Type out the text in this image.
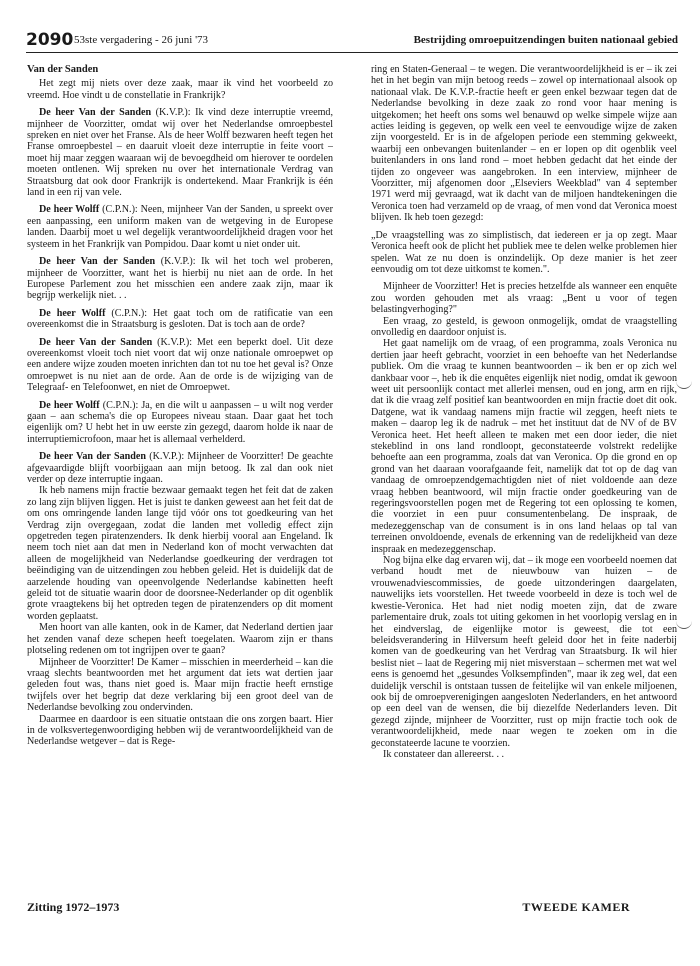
2090 53ste vergadering - 26 juni '73	Bestrijding omroepuitzendingen buiten nationaal gebied
Van der Sanden

Het zegt mij niets over deze zaak, maar ik vind het voorbeeld zo vreemd. Hoe vindt u de constellatie in Frankrijk?

De heer Van der Sanden (K.V.P.): Ik vind deze interruptie vreemd, mijnheer de Voorzitter, omdat wij over het Nederlandse omroepbestel spreken en niet over het Franse. Als de heer Wolff bezwaren heeft tegen het Franse omroepbestel – en daaruit vloeit deze interruptie in feite voort – moet hij maar zeggen waaraan wij de bevoegdheid om hierover te oordelen moeten ontlenen. Wij spreken nu over het internationale Verdrag van Straatsburg dat ook door Frankrijk is ondertekend. Maar Frankrijk is één land in een rij van vele.

De heer Wolff (C.P.N.): Neen, mijnheer Van der Sanden, u spreekt over een aanpassing, een uniform maken van de wetgeving in de Europese landen. Daarbij moet u wel degelijk verantwoordelijkheid dragen voor het systeem in het Frankrijk van Pompidou. Daar komt u niet onder uit.

De heer Van der Sanden (K.V.P.): Ik wil het toch wel proberen, mijnheer de Voorzitter, want het is hierbij nu niet aan de orde. In het Europese Parlement zou het misschien een andere zaak zijn, maar ik begrijp werkelijk niet. . .

De heer Wolff (C.P.N.): Het gaat toch om de ratificatie van een overeenkomst die in Straatsburg is gesloten. Dat is toch aan de orde?

De heer Van der Sanden (K.V.P.): Met een beperkt doel. Uit deze overeenkomst vloeit toch niet voort dat wij onze nationale omroepwet op een andere wijze zouden moeten inrichten dan tot nu toe het geval is? Onze omroepwet is nu niet aan de orde. Aan de orde is de wijziging van de Telegraaf- en Telefoonwet, en niet de Omroepwet.

De heer Wolff (C.P.N.): Ja, en die wilt u aanpassen – u wilt nog verder gaan – aan schema's die op Europees niveau staan. Daar gaat het toch eigenlijk om? U hebt het in uw eerste zin gezegd, daarom holde ik naar de interruptiemicrofoon, maar het is allemaal verhelderd.

De heer Van der Sanden (K.V.P.): Mijnheer de Voorzitter! De geachte afgevaardigde blijft voorbijgaan aan mijn betoog. Ik zal dan ook niet verder op deze interruptie ingaan.

Ik heb namens mijn fractie bezwaar gemaakt tegen het feit dat de zaken zo lang zijn blijven liggen. Het is juist te danken geweest aan het feit dat de om ons omringende landen lange tijd vóór ons tot goedkeuring van het Verdrag zijn overgegaan, zodat die landen met volledig effect zijn opgetreden tegen piratenzenders. Ik denk hierbij vooral aan Engeland. Ik neem toch niet aan dat men in Nederland kon of mocht verwachten dat alleen de mogelijkheid van Nederlandse goedkeuring der verdragen tot beëindiging van de uitzendingen zou hebben geleid. Het is duidelijk dat de aarzelende houding van opeenvolgende Nederlandse kabinetten heeft geleid tot de situatie waarin door de doorsnee-Nederlander op dit ogenblik grote vraagtekens bij het optreden tegen de piratenzenders op dit moment worden geplaatst.

Men hoort van alle kanten, ook in de Kamer, dat Nederland dertien jaar het zenden vanaf deze schepen heeft toegelaten. Waarom zijn er thans plotseling redenen om tot ingrijpen over te gaan?

Mijnheer de Voorzitter! De Kamer – misschien in meerderheid – kan die vraag slechts beantwoorden met het argument dat iets wat dertien jaar geleden fout was, thans niet goed is. Maar mijn fractie heeft ernstige twijfels over het begrip dat deze verklaring bij een groot deel van de Nederlandse bevolking zou ondervinden.

Daarmee en daardoor is een situatie ontstaan die ons zorgen baart. Hier in de volksvertegenwoordiging hebben wij de verantwoordelijkheid van de Nederlandse wetgever – dat is Rege-

ring en Staten-Generaal – te wegen. Die verantwoordelijkheid is er – ik zei het in het begin van mijn betoog reeds – zowel op internationaal alsook op nationaal vlak. De K.V.P.-fractie heeft er geen enkel bezwaar tegen dat de Nederlandse bevolking in deze zaak zo rond voor haar mening is uitgekomen; het heeft ons soms wel benauwd op welke simpele wijze aan acties leiding is gegeven, op welk een veel te eenvoudige wijze de zaken zijn voorgesteld. Er is in de afgelopen periode een stemming gekweekt, waarbij een onbevangen buitenlander – en er lopen op dit ogenblik veel buitenlanders in ons land rond – moet hebben gedacht dat het einde der tijden zo ongeveer was aangebroken. In een interview, mijnheer de Voorzitter, mij afgenomen door „Elseviers Weekblad" van 4 september 1971 werd mij gevraagd, wat ik dacht van de miljoen handtekeningen die Veronica toen had verzameld op de vraag, of men vond dat Veronica moest blijven. Ik heb toen gezegd:

„De vraagstelling was zo simplistisch, dat iedereen er ja op zegt. Maar Veronica heeft ook de plicht het publiek mee te delen welke problemen hier spelen. Wat ze nu doen is onzindelijk. Op deze manier is het zeer eenvoudig om tot deze uitkomst te komen.".

Mijnheer de Voorzitter! Het is precies hetzelfde als wanneer een enquête zou worden gehouden met als vraag: „Bent u voor of tegen belastingverhoging?"

Een vraag, zo gesteld, is gewoon onmogelijk, omdat de vraagstelling onvolledig en daardoor onjuist is.

Het gaat namelijk om de vraag, of een programma, zoals Veronica nu dertien jaar heeft gebracht, voorziet in een behoefte van het Nederlandse publiek. Om die vraag te kunnen beantwoorden – ik ben er op zich wel dankbaar voor –, heb ik die enquêtes eigenlijk niet nodig, omdat ik gewoon weet uit persoonlijk contact met allerlei mensen, oud en jong, arm en rijk, dat ik die vraag zelf positief kan beantwoorden en mijn fractie doet dit ook. Datgene, wat ik vandaag namens mijn fractie wil zeggen, heeft niets te maken – daarop leg ik de nadruk – met het instituut dat de NV of de BV Veronica heet. Het heeft alleen te maken met een door ieder, die niet stekeblind in ons land rondloopt, geconstateerde volstrekt redelijke behoefte aan een programma, zoals dat van Veronica. Op die grond en op grond van het daaraan voorafgaande feit, namelijk dat tot op de dag van vandaag de omroepzendgemachtigden niet of niet voldoende aan deze vraag hebben beantwoord, wil mijn fractie onder goedkeuring van de regeringsvoorstellen pogen met de Regering tot een oplossing te komen, die voorziet in een puur consumentenbelang. De inspraak, de medezeggenschap van de consument is in ons land helaas op tal van terreinen onvoldoende, evenals de erkenning van de redelijkheid van deze inspraak en medezeggenschap.

Nog bijna elke dag ervaren wij, dat – ik moge een voorbeeld noemen dat verband houdt met de nieuwbouw van huizen – de vrouwenadviescommissies, de goede uitzonderingen daargelaten, nauwelijks iets voorstellen. Het tweede voorbeeld in deze is toch wel de kwestie-Veronica. Het had niet nodig moeten zijn, dat de zware parlementaire druk, zoals tot uiting gekomen in het voorlopig verslag en in het eindverslag, de eigenlijke motor is geweest, die tot een beleidsverandering in Hilversum heeft geleid door het in feite naderbij komen van de goedkeuring van het Verdrag van Straatsburg. Ik wil hier beslist niet – laat de Regering mij niet misverstaan – schermen met wat wel eens is genoemd het „gesundes Volksempfinden", maar ik zeg wel, dat een duidelijk verschil is ontstaan tussen de feitelijke wil van enkele miljoenen, ook bij de omroepverenigingen aangesloten Nederlanders, en het antwoord op een deel van de wensen, die bij diezelfde Nederlanders leven. Dit gezegd zijnde, mijnheer de Voorzitter, rust op mijn fractie toch ook de verantwoordelijkheid, mede naar wegen te zoeken om in die geconstateerde lacune te voorzien.

Ik constateer dan allereerst. . .

Zitting 1972–1973	TWEEDE KAMER
